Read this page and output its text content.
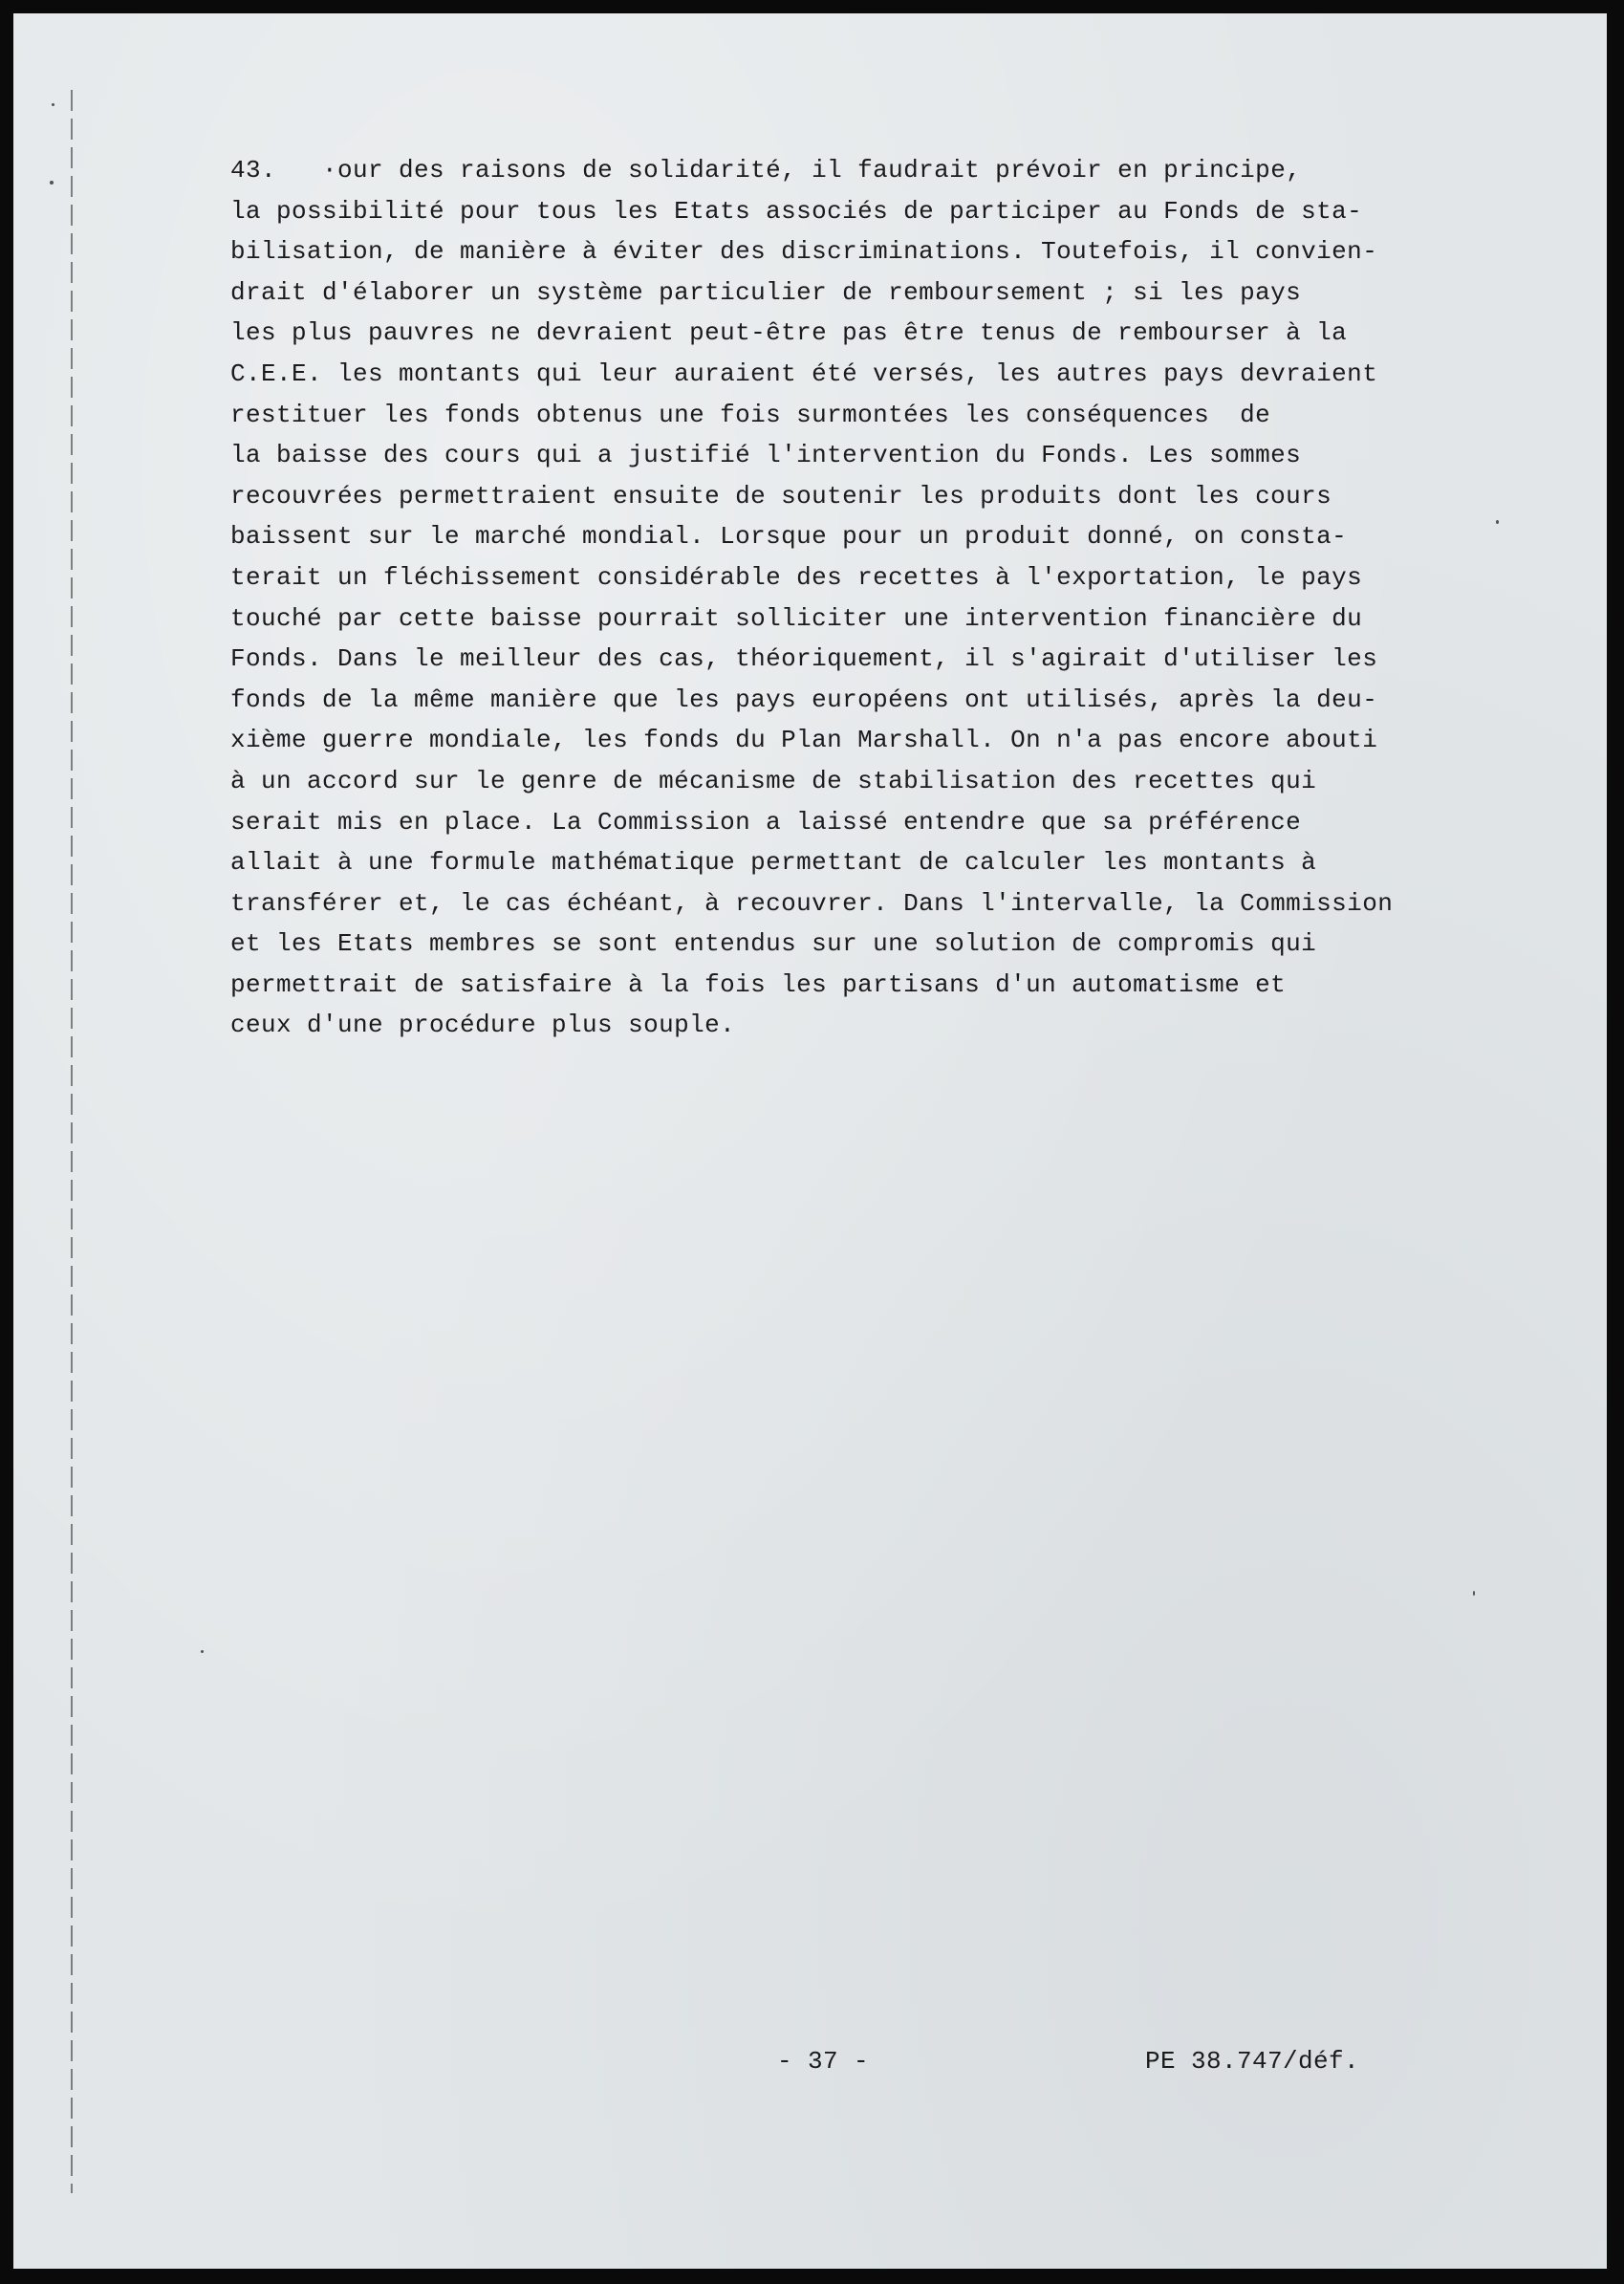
43. ·our des raisons de solidarité, il faudrait prévoir en principe,
la possibilité pour tous les Etats associés de participer au Fonds de sta-
bilisation, de manière à éviter des discriminations. Toutefois, il convien-
drait d'élaborer un système particulier de remboursement ; si les pays
les plus pauvres ne devraient peut-être pas être tenus de rembourser à la
C.E.E. les montants qui leur auraient été versés, les autres pays devraient
restituer les fonds obtenus une fois surmontées les conséquences  de
la baisse des cours qui a justifié l'intervention du Fonds. Les sommes
recouvrées permettraient ensuite de soutenir les produits dont les cours
baissent sur le marché mondial. Lorsque pour un produit donné, on consta-
terait un fléchissement considérable des recettes à l'exportation, le pays
touché par cette baisse pourrait solliciter une intervention financière du
Fonds. Dans le meilleur des cas, théoriquement, il s'agirait d'utiliser les
fonds de la même manière que les pays européens ont utilisés, après la deu-
xième guerre mondiale, les fonds du Plan Marshall. On n'a pas encore abouti
à un accord sur le genre de mécanisme de stabilisation des recettes qui
serait mis en place. La Commission a laissé entendre que sa préférence
allait à une formule mathématique permettant de calculer les montants à
transférer et, le cas échéant, à recouvrer. Dans l'intervalle, la Commission
et les Etats membres se sont entendus sur une solution de compromis qui
permettrait de satisfaire à la fois les partisans d'un automatisme et
ceux d'une procédure plus souple.
- 37 -	PE 38.747/déf.
